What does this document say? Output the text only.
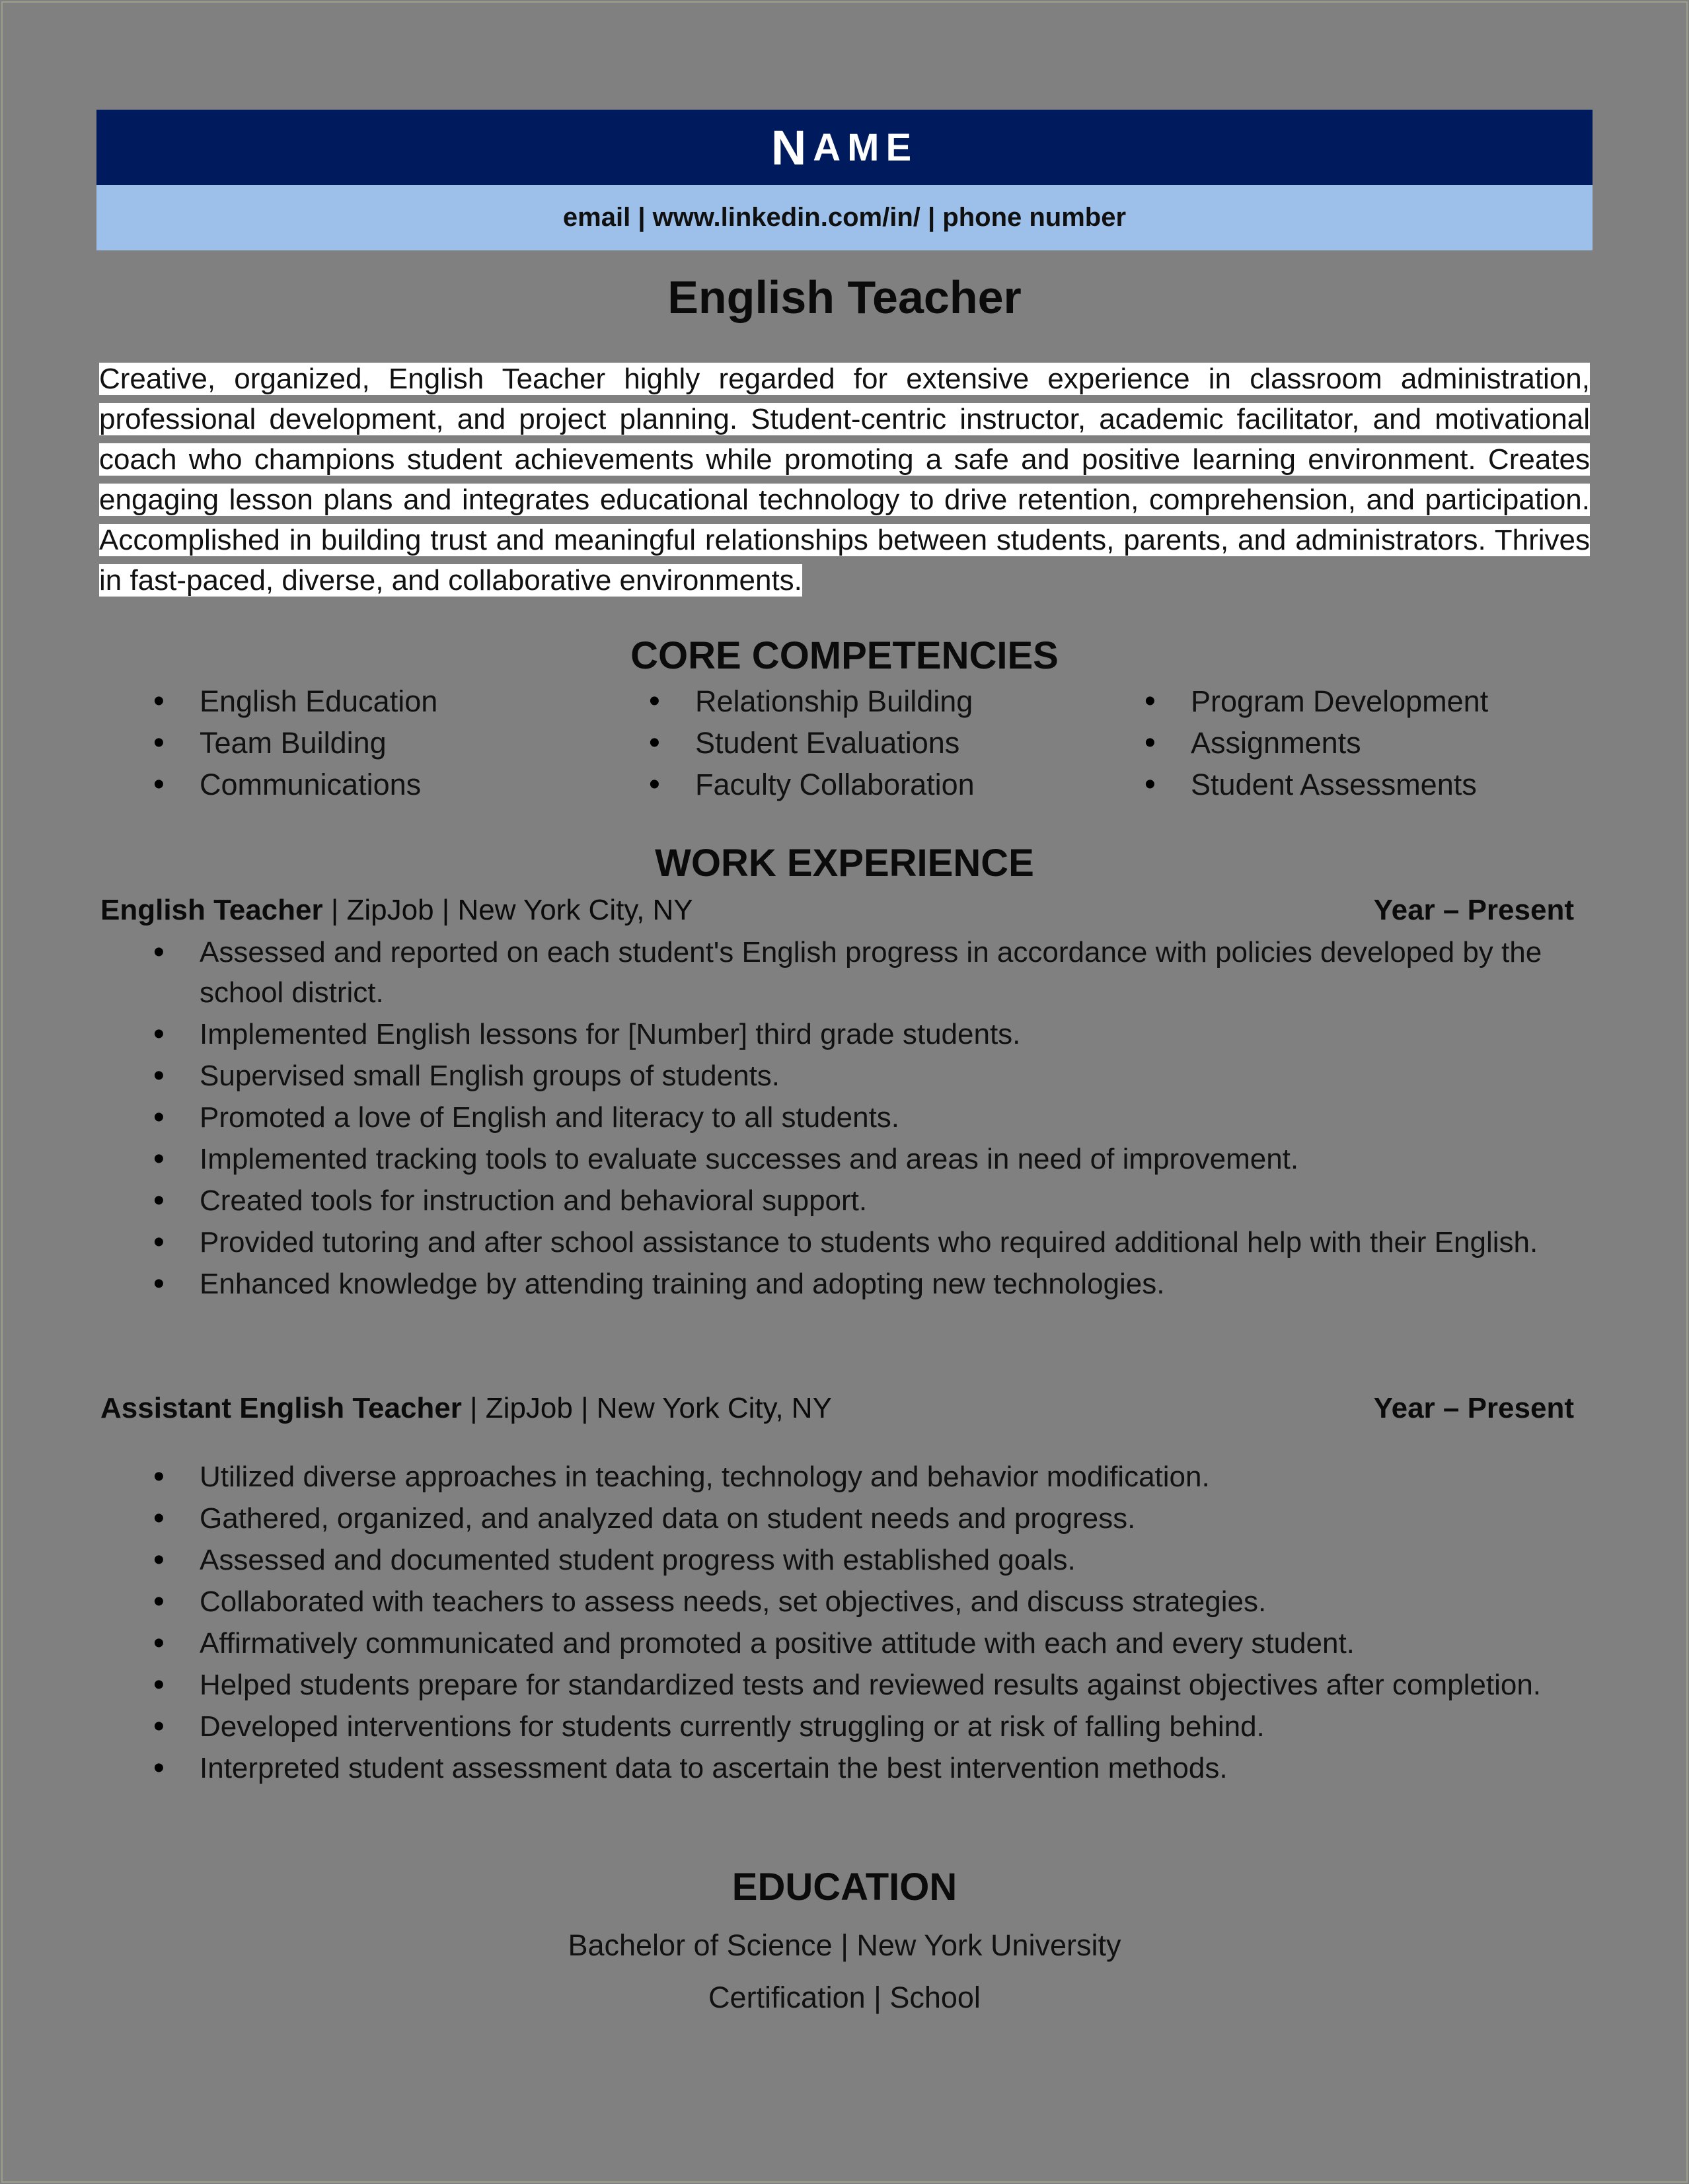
N AME
email | www.linkedin.com/in/ | phone number
English Teacher
Creative, organized, English Teacher highly regarded for extensive experience in classroom administration, professional development, and project planning. Student-centric instructor, academic facilitator, and motivational coach who champions student achievements while promoting a safe and positive learning environment. Creates engaging lesson plans and integrates educational technology to drive retention, comprehension, and participation. Accomplished in building trust and meaningful relationships between students, parents, and administrators. Thrives in fast-paced, diverse, and collaborative environments.
CORE COMPETENCIES
• English Education
• Team Building
• Communications
• Relationship Building
• Student Evaluations
• Faculty Collaboration
• Program Development
• Assignments
• Student Assessments
WORK EXPERIENCE
English Teacher | ZipJob | New York City, NY	Year – Present
• Assessed and reported on each student's English progress in accordance with policies developed by the school district.
• Implemented English lessons for [Number] third grade students.
• Supervised small English groups of students.
• Promoted a love of English and literacy to all students.
• Implemented tracking tools to evaluate successes and areas in need of improvement.
• Created tools for instruction and behavioral support.
• Provided tutoring and after school assistance to students who required additional help with their English.
• Enhanced knowledge by attending training and adopting new technologies.
Assistant English Teacher | ZipJob | New York City, NY	Year – Present
• Utilized diverse approaches in teaching, technology and behavior modification.
• Gathered, organized, and analyzed data on student needs and progress.
• Assessed and documented student progress with established goals.
• Collaborated with teachers to assess needs, set objectives, and discuss strategies.
• Affirmatively communicated and promoted a positive attitude with each and every student.
• Helped students prepare for standardized tests and reviewed results against objectives after completion.
• Developed interventions for students currently struggling or at risk of falling behind.
• Interpreted student assessment data to ascertain the best intervention methods.
EDUCATION
Bachelor of Science | New York University
Certification | School
